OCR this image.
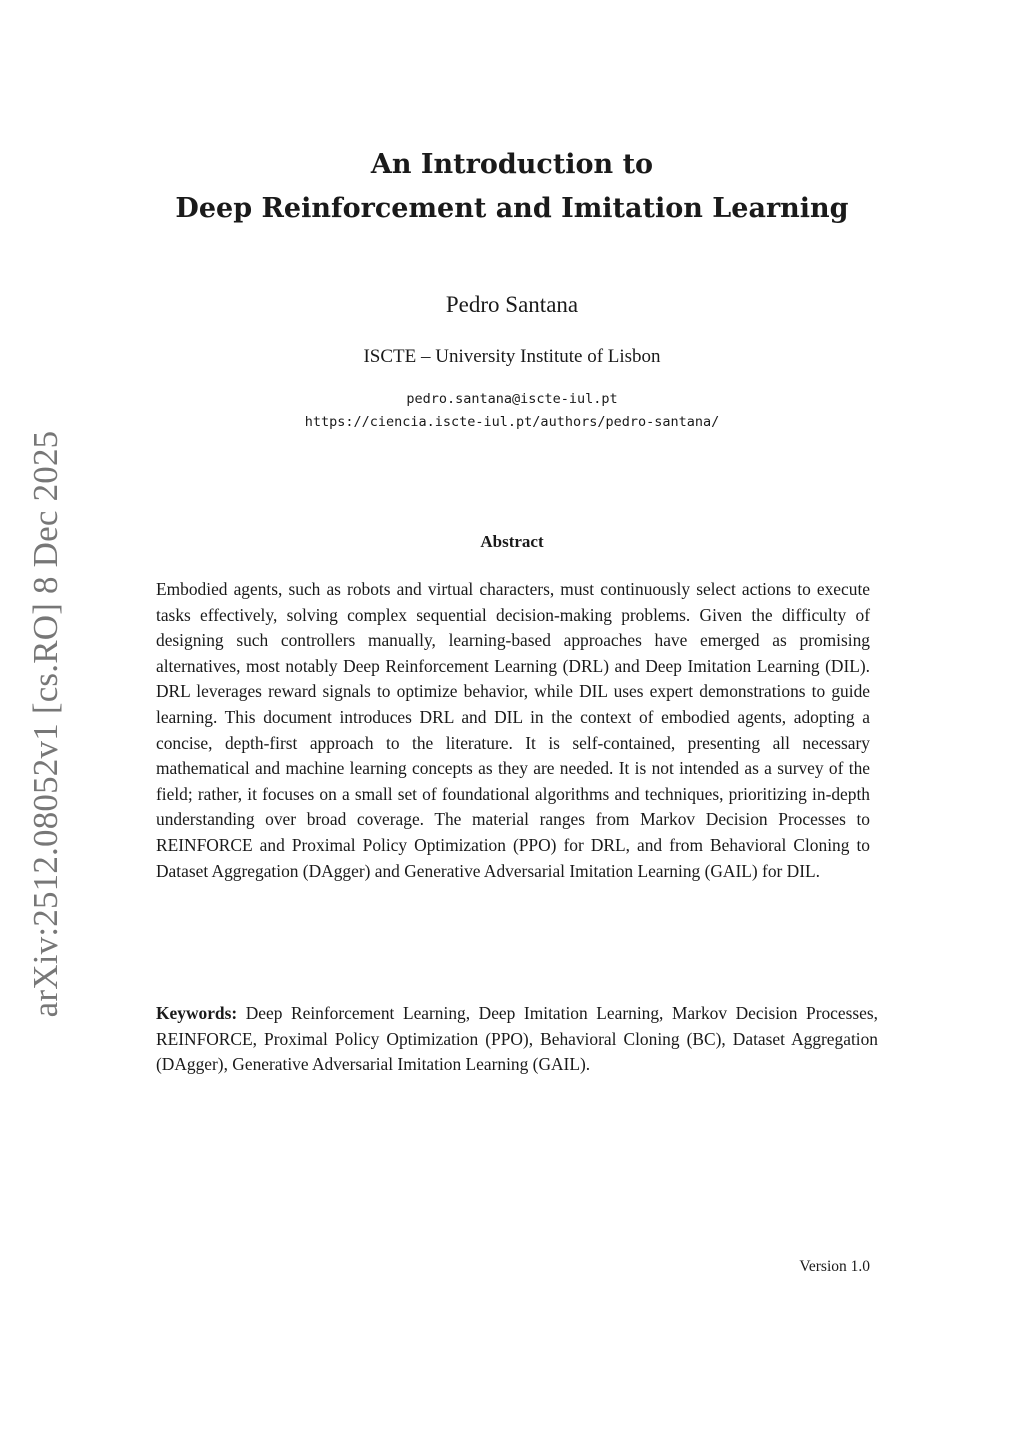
arXiv:2512.08052v1 [cs.RO] 8 Dec 2025
An Introduction to
Deep Reinforcement and Imitation Learning
Pedro Santana
ISCTE – University Institute of Lisbon
pedro.santana@iscte-iul.pt
https://ciencia.iscte-iul.pt/authors/pedro-santana/
Abstract
Embodied agents, such as robots and virtual characters, must continuously select actions to execute tasks effectively, solving complex sequential decision-making problems. Given the difficulty of designing such controllers manually, learning-based approaches have emerged as promising alternatives, most notably Deep Reinforcement Learning (DRL) and Deep Imitation Learning (DIL). DRL leverages reward signals to optimize behavior, while DIL uses expert demonstrations to guide learning. This document introduces DRL and DIL in the context of embodied agents, adopting a concise, depth-first approach to the literature. It is self-contained, presenting all necessary mathematical and machine learning concepts as they are needed. It is not intended as a survey of the field; rather, it focuses on a small set of foundational algorithms and techniques, prioritizing in-depth understanding over broad coverage. The material ranges from Markov Decision Processes to REINFORCE and Proximal Policy Optimization (PPO) for DRL, and from Behavioral Cloning to Dataset Aggregation (DAgger) and Generative Adversarial Imitation Learning (GAIL) for DIL.
Keywords: Deep Reinforcement Learning, Deep Imitation Learning, Markov Decision Processes, REINFORCE, Proximal Policy Optimization (PPO), Behavioral Cloning (BC), Dataset Aggregation (DAgger), Generative Adversarial Imitation Learning (GAIL).
Version 1.0
